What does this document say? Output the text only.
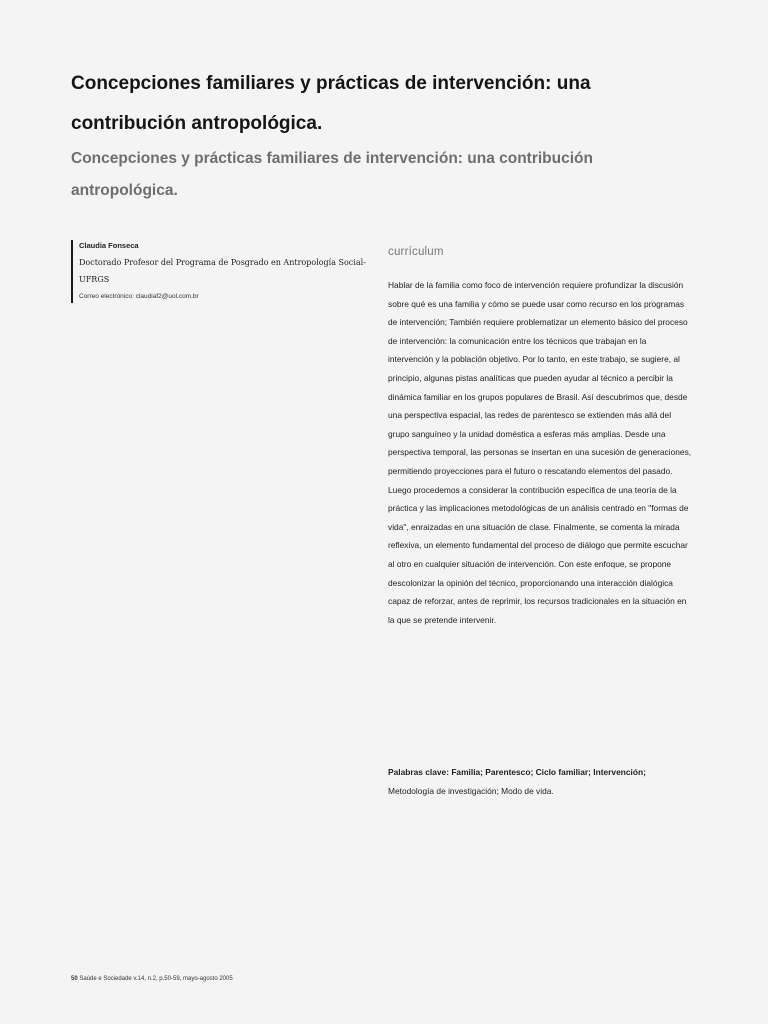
Concepciones familiares y prácticas de intervención: una contribución antropológica.
Concepciones y prácticas familiares de intervención: una contribución antropológica.
Claudia Fonseca
Doctorado Profesor del Programa de Posgrado en Antropología Social-UFRGS
Correo electrónico: claudiaf2@uol.com.br
currículum

Hablar de la familia como foco de intervención requiere profundizar la discusión sobre qué es una familia y cómo se puede usar como recurso en los programas de intervención; También requiere problematizar un elemento básico del proceso de intervención: la comunicación entre los técnicos que trabajan en la intervención y la población objetivo. Por lo tanto, en este trabajo, se sugiere, al principio, algunas pistas analíticas que pueden ayudar al técnico a percibir la dinámica familiar en los grupos populares de Brasil. Así descubrimos que, desde una perspectiva espacial, las redes de parentesco se extienden más allá del grupo sanguíneo y la unidad doméstica a esferas más amplias. Desde una perspectiva temporal, las personas se insertan en una sucesión de generaciones, permitiendo proyecciones para el futuro o rescatando elementos del pasado. Luego procedemos a considerar la contribución específica de una teoría de la práctica y las implicaciones metodológicas de un análisis centrado en "formas de vida", enraizadas en una situación de clase. Finalmente, se comenta la mirada reflexiva, un elemento fundamental del proceso de diálogo que permite escuchar al otro en cualquier situación de intervención. Con este enfoque, se propone descolonizar la opinión del técnico, proporcionando una interacción dialógica capaz de reforzar, antes de reprimir, los recursos tradicionales en la situación en la que se pretende intervenir.

Palabras clave: Familia; Parentesco; Ciclo familiar; Intervención; Metodología de investigación; Modo de vida.

50 Saúde e Sociedade v.14, n.2, p.50-59, mayo-agosto 2005
